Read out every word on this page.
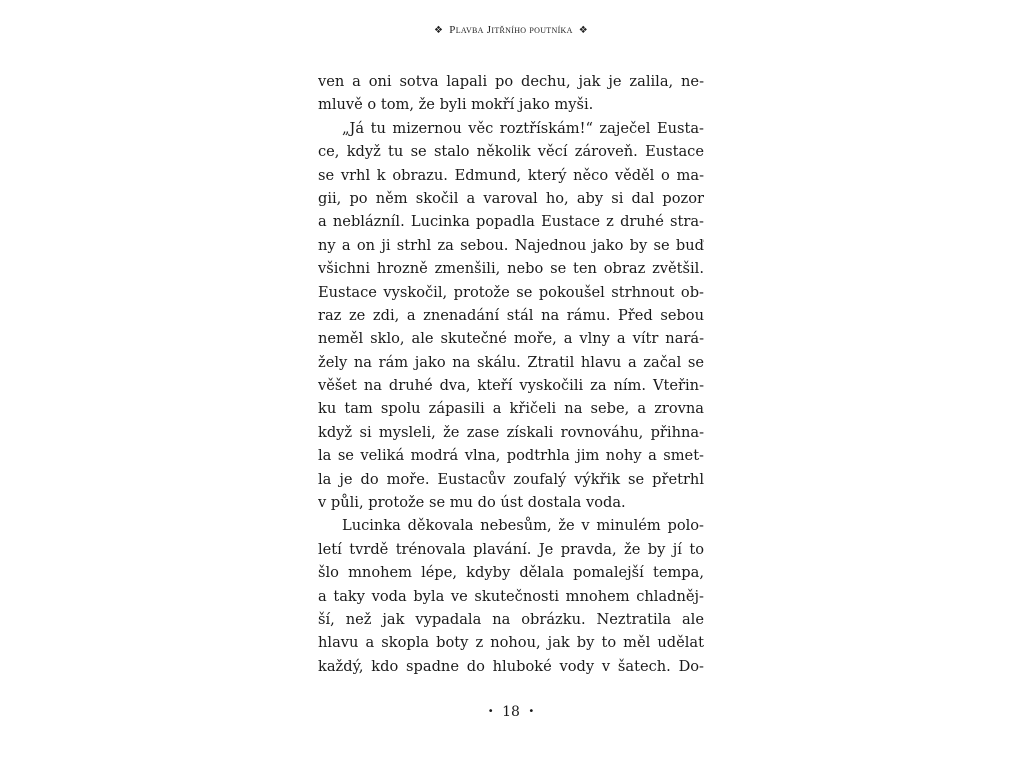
❖ Plavba Jitřního poutníka ❖
ven a oni sotva lapali po dechu, jak je zalila, ne-
mluvě o tom, že byli mokří jako myši.
„Já tu mizernou věc roztřískám!“ zaječel Eusta-
ce, když tu se stalo několik věcí zároveň. Eustace
se vrhl k obrazu. Edmund, který něco věděl o ma-
gii, po něm skočil a varoval ho, aby si dal pozor
a neblázníl. Lucinka popadla Eustace z druhé stra-
ny a on ji strhl za sebou. Najednou jako by se buď
všichni hrozně zmenšili, nebo se ten obraz zvětšil.
Eustace vyskočil, protože se pokoušel strhnout ob-
raz ze zdi, a znenadání stál na rámu. Před sebou
neměl sklo, ale skutečné moře, a vlny a vítr nará-
žely na rám jako na skálu. Ztratil hlavu a začal se
věšet na druhé dva, kteří vyskočili za ním. Vteřin-
ku tam spolu zápasili a křičeli na sebe, a zrovna
když si mysleli, že zase získali rovnováhu, přihna-
la se veliká modrá vlna, podtrhla jim nohy a smet-
la je do moře. Eustacův zoufalý výkřik se přetrhl
v půli, protože se mu do úst dostala voda.
Lucinka děkovala nebesům, že v minulém polo-
letí tvrdě trénovala plavání. Je pravda, že by jí to
šlo mnohem lépe, kdyby dělala pomalejší tempa,
a taky voda byla ve skutečnosti mnohem chladněj-
ší, než jak vypadala na obrázku. Neztratila ale
hlavu a skopla boty z nohou, jak by to měl udělat
každý, kdo spadne do hluboké vody v šatech. Do-
• 18 •
